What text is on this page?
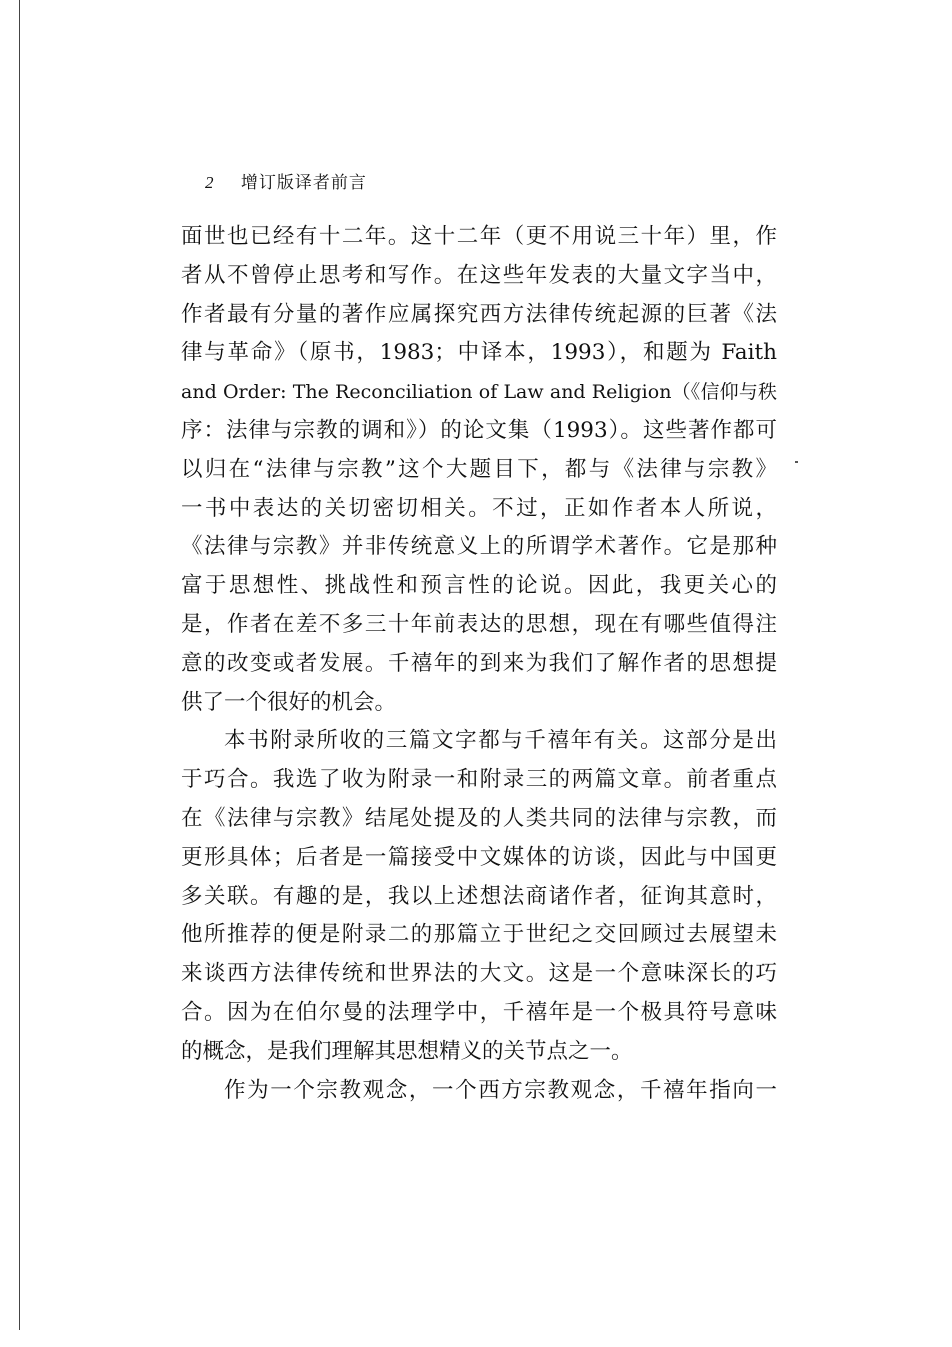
2 增订版译者前言
面世也已经有十二年。这十二年（更不用说三十年）里，作
者从不曾停止思考和写作。在这些年发表的大量文字当中，
作者最有分量的著作应属探究西方法律传统起源的巨著《法
律与革命》（原书，1983；中译本，1993），和题为 Faith
and Order: The Reconciliation of Law and Religion（《信仰与秩
序：法律与宗教的调和》）的论文集（1993）。这些著作都可
以归在“法律与宗教”这个大题目下，都与《法律与宗教》
一书中表达的关切密切相关。不过，正如作者本人所说，
《法律与宗教》并非传统意义上的所谓学术著作。它是那种
富于思想性、挑战性和预言性的论说。因此，我更关心的
是，作者在差不多三十年前表达的思想，现在有哪些值得注
意的改变或者发展。千禧年的到来为我们了解作者的思想提
供了一个很好的机会。
本书附录所收的三篇文字都与千禧年有关。这部分是出
于巧合。我选了收为附录一和附录三的两篇文章。前者重点
在《法律与宗教》结尾处提及的人类共同的法律与宗教，而
更形具体；后者是一篇接受中文媒体的访谈，因此与中国更
多关联。有趣的是，我以上述想法商诸作者，征询其意时，
他所推荐的便是附录二的那篇立于世纪之交回顾过去展望未
来谈西方法律传统和世界法的大文。这是一个意味深长的巧
合。因为在伯尔曼的法理学中，千禧年是一个极具符号意味
的概念，是我们理解其思想精义的关节点之一。
作为一个宗教观念，一个西方宗教观念，千禧年指向一
